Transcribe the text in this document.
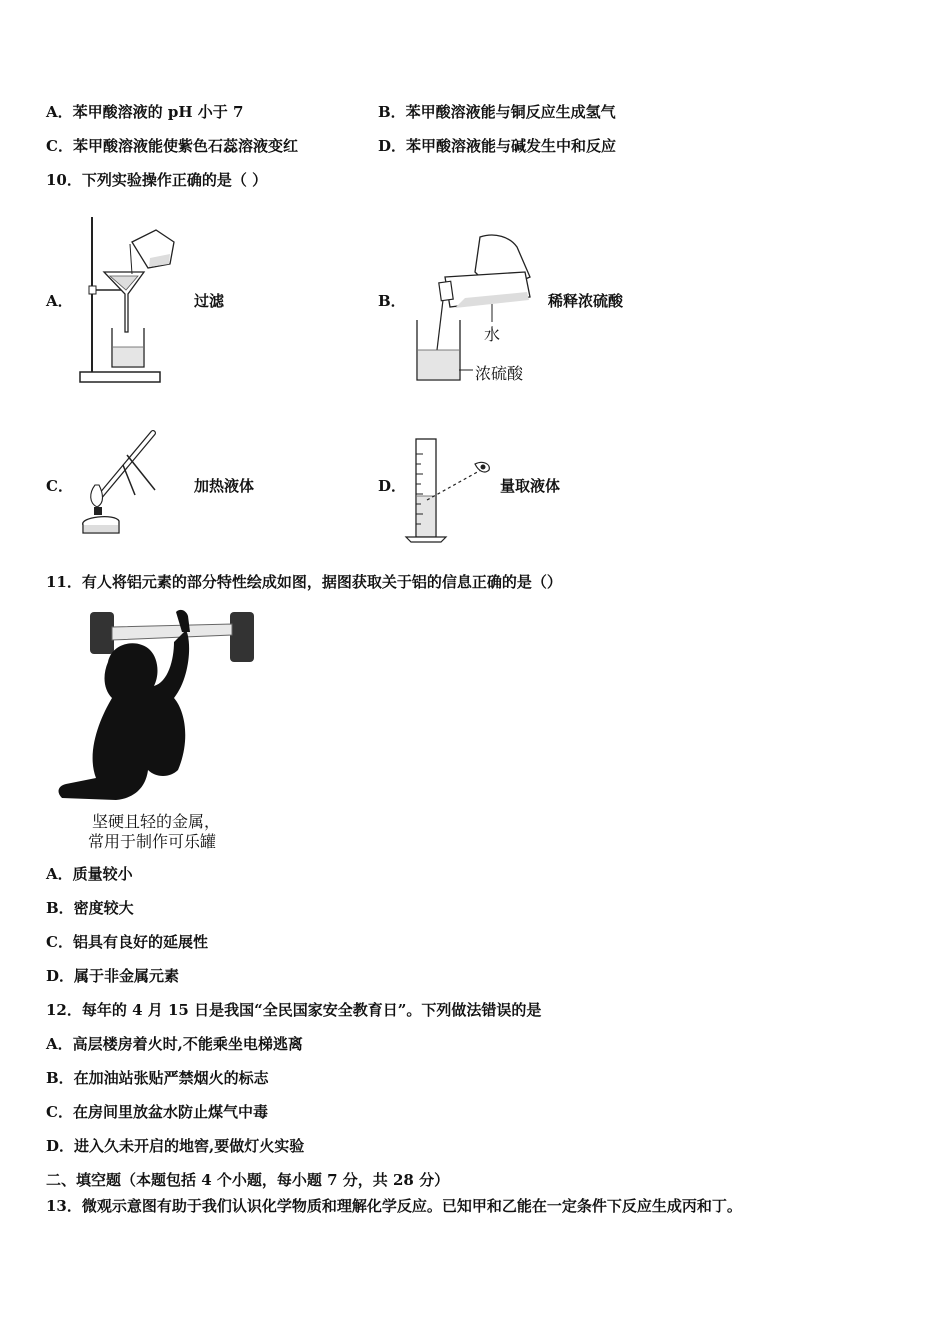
A．苯甲酸溶液的 pH 小于 7	B．苯甲酸溶液能与铜反应生成氢气
C．苯甲酸溶液能使紫色石蕊溶液变红	D．苯甲酸溶液能与碱发生中和反应
10．下列实验操作正确的是（ ）
A．	过滤	B．
水
浓硫酸
稀释浓硫酸
C．	加热液体	D．	量取液体
11．有人将铝元素的部分特性绘成如图，据图获取关于铝的信息正确的是（）
坚硬且轻的金属，
常用于制作可乐罐
A．质量较小
B．密度较大
C．铝具有良好的延展性
D．属于非金属元素
12．每年的 4 月 15 日是我国“全民国家安全教育日”。下列做法错误的是
A．高层楼房着火时,不能乘坐电梯逃离
B．在加油站张贴严禁烟火的标志
C．在房间里放盆水防止煤气中毒
D．进入久未开启的地窖,要做灯火实验
二、填空题（本题包括 4 个小题，每小题 7 分，共 28 分）
13．微观示意图有助于我们认识化学物质和理解化学反应。已知甲和乙能在一定条件下反应生成丙和丁。
